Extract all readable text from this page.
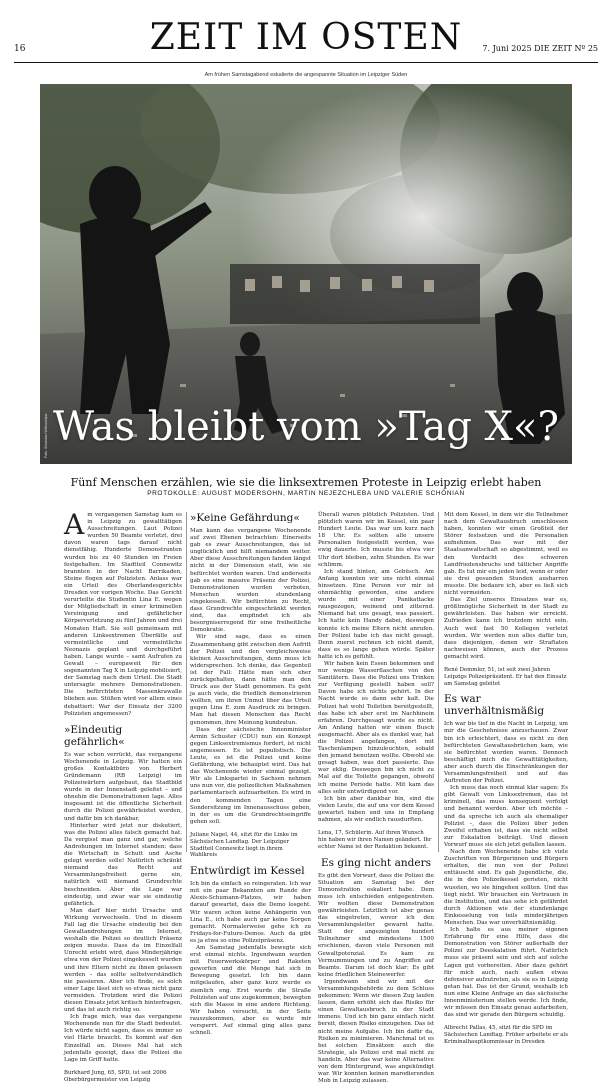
16	ZEIT IM OSTEN	7. Juni 2025 DIE ZEIT Nº 25
Am frühen Samstagabend eskalierte die angespannte Situation im Leipziger Süden
Foto: Sebastian Willnow/dpa Was bleibt vom »Tag X«?
Fünf Menschen erzählen, wie sie die linksextremen Proteste in Leipzig erlebt haben
PROTOKOLLE: AUGUST MODERSOHN, MARTIN NEJEZCHLEBA UND VALERIE SCHÖNIAN

Am vergangenen Samstag kam es in Leipzig zu gewalttätigen Ausschreitungen. Laut Polizei wurden 50 Beamte verletzt, drei davon waren tags darauf nicht dienstfähig. Hunderte Demonstranten wurden bis zu 40 Stunden im Freien festgehalten. Im Stadtteil Connewitz brannten in der Nacht Barrikaden, Steine flogen auf Polizisten. Anlass war ein Urteil des Oberlandesgerichts Dresden vor vorigen Woche. Das Gericht verurteilte die Studentin Lina E. wegen der Mitgliedschaft in einer kriminellen Vereinigung und gefährlicher Körperverletzung zu fünf Jahren und drei Monaten Haft. Sie soll gemeinsam mit anderen Linksextremen Überfälle auf vermeintliche und vermeintliche Neonazis geplant und durchgeführt haben. Lange wurde – samt Aufrufen zu Gewalt – europaweit für den sogenannten Tag X in Leipzig mobilisiert, der Samstag nach dem Urteil. Die Stadt untersagte mehrere Demonstrationen. Die befürchteten Massenkrawalle blieben aus. Stößen wird vor allem eines debattiert: War der Einsatz der 3200 Polizisten angemessen?

»Eindeutig gefährlich«

Es war schon verrückt, das vergangene Wochenende in Leipzig. Wir hatten ein großes Kontaktbüro von Herbert Gründemann (RB Leipzig) im Polizeiwärtern aufgebaut, das Stadtbild wurde in der Innenstadt geleitet – und ohnehin die Demonstrationen lage. Alles insgesamt ist die öffentliche Sicherheit durch die Polizei gewährleistet worden, und dafür bin ich dankbar.

Hinterher wird jetzt nur diskutiert, was die Polizei alles falsch gemacht hat. Da vergisst man ganz und gar, welche Androhungen im Internet standen: dass die Wirtschaft in Schutt und Asche gelegt werden solle! Natürlich schränkt niemand das Recht auf Versammlungsfreiheit gerne ein, natürlich will niemand Grundrechte beschneiden. Aber die Lage war eindeutig, und zwar war sie eindeutig gefährlich.

Man darf hier nicht Ursache und Wirkung verwechseln. Und in diesem Fall lag die Ursache eindeutig bei den Gewaltandrohungen im Internet, weshalb die Polizei so deutlich Präsenz zeigen musste. Dass da im Einzelfall Unrecht erlebt wird, dass Minderjährige etwa von der Polizei eingekesselt wurden und ihre Eltern nicht zu ihnen gelassen werden – das sollte selbstverständlich nie passieren. Aber ich finde, es solch einer Lage lässt sich so etwas nicht ganz vermeiden. Trotzdem wird die Polizei diesen Einsatz jetzt kritisch hinterfragen, und das ist auch richtig so.

Ich frage mich, was das vergangene Wochenende nun für die Stadt bedeutet. Ich würde nicht sagen, dass es immer so viel Härte braucht. Es kommt auf den Einzelfall an. Dieses Mal hat sich jedenfalls gezeigt, dass die Polizei die Lage im Griff hatte.

Burkhard Jung, 65, SPD, ist seit 2006 Oberbürgermeister von Leipzig

»Keine Gefährdung«

Man kann das vergangene Wochenende auf zwei Ebenen betrachten: Einerseits gab es zwar Ausschreitungen, das ist unglücklich und hilft niemandem weiter. Aber diese Ausschreitungen fanden längst nicht in der Dimension statt, wie sie befürchtet worden waren. Und anderseits gab es eine massive Präsenz der Polizei, Demonstrationen wurden verboten, Menschen wurden stundenlang eingekesselt. Wir befürchten zu Recht, dass Grundrechte eingeschränkt werden sind, das empfindet ich als besorgniserregend für eine freiheitliche Demokratie.

Wir sind sage, dass es einen Zusammenhang gibt zwischen dem Aufritt der Polizei und den vergleichsweise kleinen Ausschreitungen, denn muss ich widersprechen. Ich denke, das Gegenteil ist der Fall: Hätte man sich eher zurückgehalten, dann hätte man den Druck aus der Stadt genommen. Es geht ja auch viele, die friedlich demonstrieren wollten, um ihren Unmut über das Urteil gegen Lina E. zum Ausdruck zu bringen. Man hat diesen Menschen das Recht genommen, ihre Meinung kundzutun.

Dass der sächsische Innenminister Armin Schuster (CDU) nun ein Konzept gegen Linksextremismus fordert, ist nicht angemessen. Es ist populistisch. Die Leute, es ist die Polizei und keine Gefährdung, wie behauptet wird. Das hat das Wochenende wieder einmal gezeigt. Wir als Linkspartei in Sachsen nehmen uns nun vor, die polizeilichen Maßnahmen parlamentarisch aufzuarbeiten. Es wird in den kommenden Tagen eine Sondersitzung im Innenausschuss geben, in der es um die Grundrechtseingriffe gehen soll.

Juliane Nagel, 44, sitzt für die Linke im Sächsischen Landtag. Der Leipziger Stadtteil Connewitz liegt in ihrem Wahlkreis

Entwürdigt im Kessel

Ich bin da einfach so reingeraten. Ich war mit ein paar Bekannten am Rande der Alexis-Schumann-Platzes, wir haben darauf gewartet, dass die Demo losgeht. Wir waren schon keine Anhängerin von Lina E., ich habe auch gar keine Sorgen gemacht. Normalerweise gehe ich zu Fridays-for-Future-Demos. Auch da gibt es ja etwa so eine Polizeipräsenz.

Am Samstag jedenfalls bewegte sich erst einmal nichts. Irgendwann wurden mit Feuerwerkskörper und Raketen geworfen und die Menge hat sich in Bewegung gesetzt. Ich bin dann mitgelaufen, aber ganz kurz wurde es ziemlich eng. Erst wurde die Straße Polizisten auf uns zugekommen, bewegten sich die Masse in eine andere Richtung. Wir haben versucht, in der Seite rauszukommen, aber es wurde mir versperrt. Auf einmal ging alles ganz schnell.

Überall waren plötzlich Polizisten. Und plötzlich waren wir im Kessel, ein paar Hundert Leute. Das war um kurz nach 18 Uhr. Es sollten alle unsere Personalien festgestellt werden, was ewig dauerte. Ich musste bis etwa vier Uhr dort bleiben, zehn Stunden. Es war schlimm.

Ich stand hinten, am Gebüsch. Am Anfang konnten wir uns nicht einmal hinsetzen. Eine Person vor mir ist ohnmächtig geworden, eine andere wurde mit einer Panikattacke rausgezogen, weinend und zitternd. Niemand hat uns gesagt, was passiert. Ich hatte kein Handy dabei, deswegen konnte ich meine Eltern nicht anrufen. Der Polizei habe ich das nicht gesagt. Denn zuerst rechnen ich nicht damit, dass es so lange gehen würde. Später hatte ich es gefühlt.

Wir haben kein Essen bekommen und nur wenige Wasserflaschen von den Sanitätern. Dass die Polizei uns Trinken zur Verfügung gestellt haben soll? Davon habe ich nichts gehört. In der Nacht wurde es dann sehr kalt. Die Polizei hat wohl Toiletten bereitgestellt, das habe ich aber erst im Nachhinein erfahren. Durchgesagt wurde es nicht. Am Anfang hatten wir einen Busch ausgemacht. Aber als es dunkel war, hat die Polizei angefangen, dort mit Taschenlampen hinzuleuchten, sobald den jemand benutzen wollte. Obwohl sie gesagt haben, was dort passierte. Das war eklig. Deswegen bin ich nicht zu Mal auf die Toilette gegangen, obwohl ich meine Periode hatte. Mit kam das alles sehr entwürdigend vor.

Ich bin aber dankbar bin, sind die vielen Leute, die auf uns vor dem Kessel gewartet haben und uns in Empfang nahmen, als wir endlich rausdurften.

Lena, 17, Schülerin. Auf ihren Wunsch hin haben wir ihren Namen geändert. Ihr echter Name ist der Redaktion bekannt.

Es ging nicht anders

Es gibt den Vorwurf, dass die Polizei die Situation am Samstag bei der Demonstration eskaliert habe. Dem muss ich entschieden entgegentreten. Wir wollten diese Demonstration gewährleisten. Letztlich ist aber genau das eingetreten, wovor ich den Versammlungsleiter gewarnt hatte. Statt der angezeigten hundert Teilnehmer sind mindestens 1500 erschienen, davon viele Personen mit Gewaltpotenzial. Es kam zu Vermummungen und zu Angriffen auf Beamte. Darum ist doch klar: Es gibt keine friedlichen Steinewerfer.

Irgendwann sind wir mit der Versammlungsbehörde zu dem Schluss gekommen: Wenn wir diesen Zug laufen lassen, dann erhöht sich das Risiko für einen Gewaltausbruch in der Stadt immens. Und ich bin ganz einfach nicht bereit, diesen Risiko einzugehen. Das ist nicht meine Aufgabe. Ich bin dafür da, Risiken zu minimieren. Manchmal ist es bei solchen Einsätzen auch die Strategie, als Polizei erst mal nicht zu handeln. Aber das war keine Alternative von dem Hintergrund, was angekündigt war. Wir konnten keinen marodierenden Mob in Leipzig zulassen.

Mit dem Kessel, in dem wir die Teilnehmer nach dem Gewaltausbruch umschlossen haben, konnten wir einen Großteil der Störer festsetzen und die Personalien aufnehmen. Das war mit der Staatsanwaltschaft so abgestimmt, weil es den Verdacht des schweren Landfriedensbruchs und tätlicher Angriffe gab. Es tut mir ein jeden leid, wenn er oder sie drei gesunden Stunden ausharren musste. Die bedaure ich, aber es ließ sich nicht vermeiden.

Das Ziel unseres Einsatzes war es, größtmögliche Sicherheit in der Stadt zu gewährleisten. Das haben wir erreicht. Zufrieden kann ich trotzdem nicht sein. Auch weil fast 50 Kollegen verletzt wurden. Wir werden nun alles dafür tun, dass diejenigen, denen wir Straftaten nachweisen können, auch der Prozess gemacht wird.

René Demmler, 51, ist seit zwei Jahren Leipzigs Polizeipräsident. Er hat den Einsatz am Samstag geleitet

Es war unverhältnismäßig

Ich war bis tief in die Nacht in Leipzig, um mir die Geschehnisse anzuschauen. Zwar bin ich erleichtert, dass es nicht zu den befürchteten Gewaltausbrüchen kam, wie sie befürchtet worden waren. Dennoch beschäftigt mich die Gewalttätigkeiten, aber auch durch die Einschränkungen der Versammlungsfreiheit und auf das Auftreten der Polizei.

Ich muss das noch einmal klar sagen: Es gibt Gewalt von Linksextremen, das ist kriminell, das muss konsequent verfolgt und benannt werden. Aber ich möchte – und da spreche ich auch als ehemaliger Polizist –, dass die Polizei über jeden Zweifel erhaben ist, dass sie nicht selbst zur Eskalation beiträgt. Und diesen Vorwurf muss sie sich jetzt gefallen lassen.

Nach dem Wochenende habe ich viele Zuschriften von Bürgerinnen und Bürgern erhalten, die nun von der Polizei enttäuscht sind. Es gab Jugendliche, die, die in den Polizeikessel gerieten, nicht wussten, wo sie hingehen sollten. Und das liegt nicht. Wir brauchen ein Vertrauen in die Institution, und das sehe ich gefährdet durch Aktionen wie der stundenlange Einkesselung von teils minderjährigen Menschen. Das war unverhältnismäßig.

Ich halte es aus meiner eigenen Erfahrung für eine Hilfe, dass die Demonstration von Störer außerhalb der Polizei zur Deeskalation führt. Natürlich muss sie präsent sein und sich auf solche Lagen gut vorbereiten. Aber dazu gehört für mich auch, nach außen etwas defensiver aufzutreten, als sie es in Leipzig getan hat. Das ist der Grund, weshalb ich nun eine Kleine Anfrage an das sächsische Innenministerium stellen werde. Ich finde, wir müssen den Einsatz genau aufarbeiten, das sind wir gerade den Bürgern schuldig.

Albrecht Pallas, 45, sitzt für die SPD im Sächsischen Landtag. Früher arbeitete er als Kriminalhauptkommissar in Dresden
